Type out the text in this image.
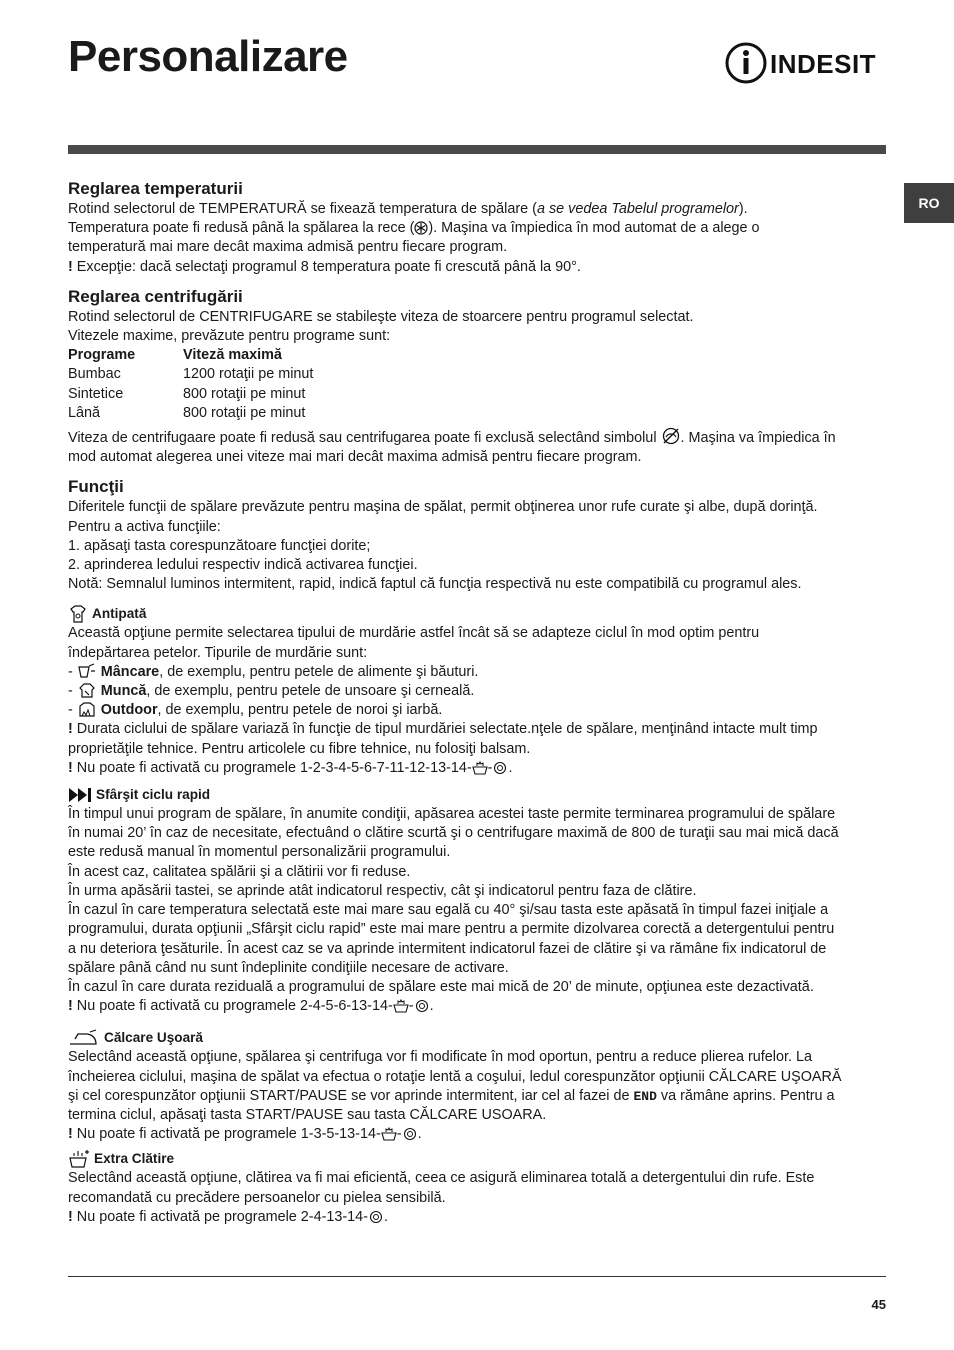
Personalizare	INDESIT
RO
Reglarea temperaturii

Rotind selectorul de TEMPERATURĂ se fixează temperatura de spălare (a se vedea Tabelul programelor).

Temperatura poate fi redusă până la spălarea la rece ( ). Maşina va împiedica în mod automat de a alege o

temperatură mai mare decât maxima admisă pentru fiecare program.

! Excepţie: dacă selectaţi programul 8 temperatura poate fi crescută până la 90°.

Reglarea centrifugării

Rotind selectorul de CENTRIFUGARE se stabileşte viteza de stoarcere pentru programul selectat.

Vitezele maxime, prevăzute pentru programe sunt:

Programe	Viteză maximă
Bumbac	1200 rotaţii pe minut
Sintetice	800 rotaţii pe minut
Lână	800 rotaţii pe minut

Viteza de centrifugaare poate fi redusă sau centrifugarea poate fi exclusă selectând simbolul . Maşina va împiedica în

mod automat alegerea unei viteze mai mari decât maxima admisă pentru fiecare program.

Funcţii

Diferitele funcţii de spălare prevăzute pentru maşina de spălat, permit obţinerea unor rufe curate şi albe, după dorinţă.

Pentru a activa funcţiile:

1. apăsaţi tasta corespunzătoare funcţiei dorite;

2. aprinderea ledului respectiv indică activarea funcţiei.

Notă: Semnalul luminos intermitent, rapid, indică faptul că funcţia respectivă nu este compatibilă cu programul ales.

Antipată

Această opţiune permite selectarea tipului de murdărie astfel încât să se adapteze ciclul în mod optim pentru

îndepărtarea petelor. Tipurile de murdărie sunt:

- Mâncare, de exemplu, pentru petele de alimente şi băuturi.

- Muncă, de exemplu, pentru petele de unsoare şi cerneală.

- Outdoor, de exemplu, pentru petele de noroi şi iarbă.

! Durata ciclului de spălare variază în funcţie de tipul murdăriei selectate.nţele de spălare, menţinând intacte mult timp

proprietăţile tehnice. Pentru articolele cu fibre tehnice, nu folosiţi balsam.

! Nu poate fi activată cu programele 1-2-3-4-5-6-7-11-12-13-14- - .

Sfârşit ciclu rapid

În timpul unui program de spălare, în anumite condiţii, apăsarea acestei taste permite terminarea programului de spălare

în numai 20’ în caz de necesitate, efectuând o clătire scurtă şi o centrifugare maximă de 800 de turaţii sau mai mică dacă

este redusă manual în momentul personalizării programului.

În acest caz, calitatea spălării şi a clătirii vor fi reduse.

În urma apăsării tastei, se aprinde atât indicatorul respectiv, cât şi indicatorul pentru faza de clătire.

În cazul în care temperatura selectată este mai mare sau egală cu 40° şi/sau tasta este apăsată în timpul fazei iniţiale a

programului, durata opţiunii „Sfârşit ciclu rapid” este mai mare pentru a permite dizolvarea corectă a detergentului pentru

a nu deteriora ţesăturile. În acest caz se va aprinde intermitent indicatorul fazei de clătire şi va rămâne fix indicatorul de

spălare până când nu sunt îndeplinite condiţiile necesare de activare.

În cazul în care durata reziduală a programului de spălare este mai mică de 20’ de minute, opţiunea este dezactivată.

! Nu poate fi activată cu programele 2-4-5-6-13-14- - .

Călcare Uşoară

Selectând această opţiune, spălarea şi centrifuga vor fi modificate în mod oportun, pentru a reduce plierea rufelor. La

încheierea ciclului, maşina de spălat va efectua o rotaţie lentă a coşului, ledul corespunzător opţiunii CĂLCARE UŞOARĂ

şi cel corespunzător opţiunii START/PAUSE se vor aprinde intermitent, iar cel al fazei de END va rămâne aprins. Pentru a

termina ciclul, apăsaţi tasta START/PAUSE sau tasta CĂLCARE USOARA.

! Nu poate fi activată pe programele 1-3-5-13-14- - .

Extra Clătire

Selectând această opţiune, clătirea va fi mai eficientă, ceea ce asigură eliminarea totală a detergentului din rufe. Este

recomandată cu precădere persoanelor cu pielea sensibilă.

! Nu poate fi activată pe programele 2-4-13-14- .

45
